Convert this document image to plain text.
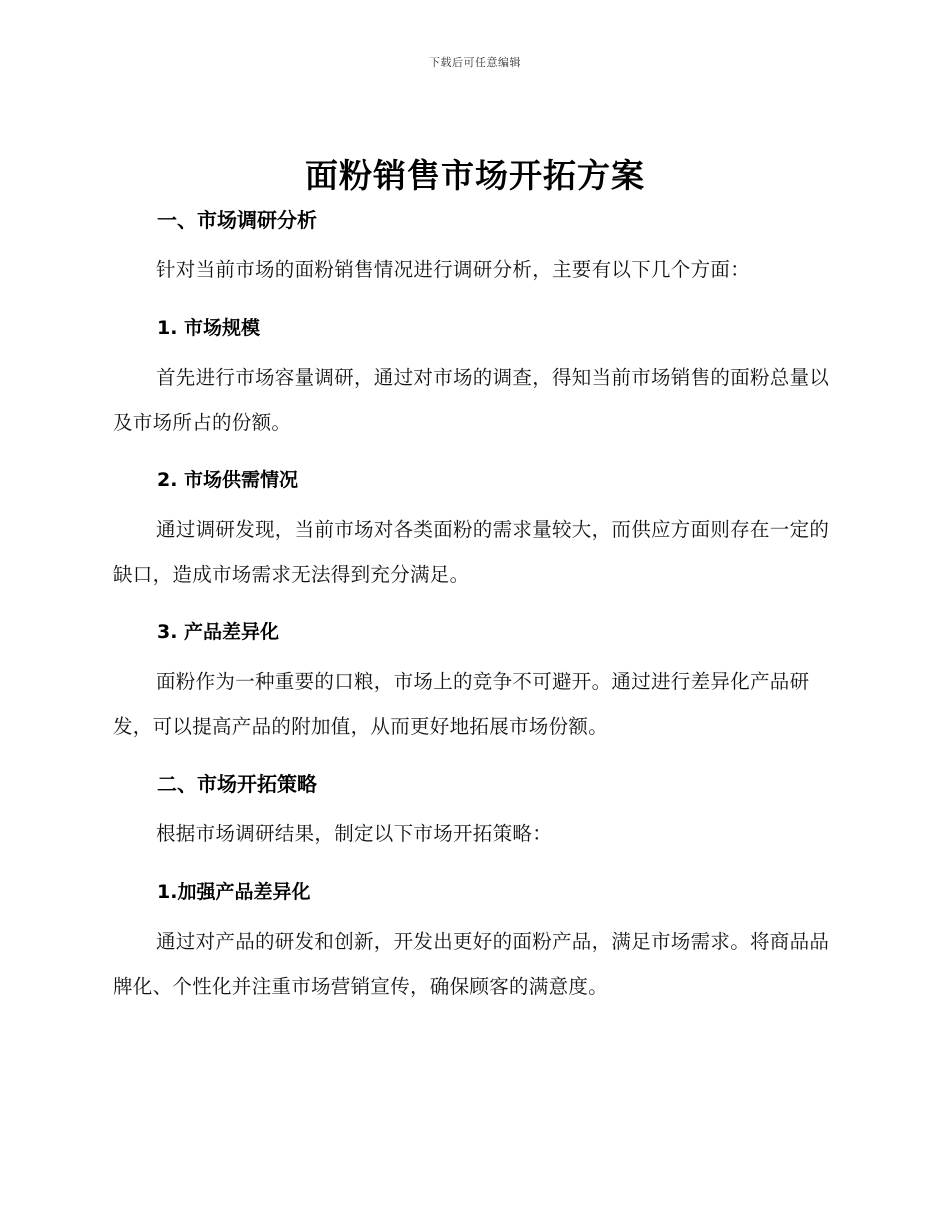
下载后可任意编辑
面粉销售市场开拓方案
一、市场调研分析

针对当前市场的面粉销售情况进行调研分析，主要有以下几个方面：

1. 市场规模

首先进行市场容量调研，通过对市场的调查，得知当前市场销售的面粉总量以及市场所占的份额。

2. 市场供需情况

通过调研发现，当前市场对各类面粉的需求量较大，而供应方面则存在一定的缺口，造成市场需求无法得到充分满足。

3. 产品差异化

面粉作为一种重要的口粮，市场上的竞争不可避开。通过进行差异化产品研发，可以提高产品的附加值，从而更好地拓展市场份额。

二、市场开拓策略

根据市场调研结果，制定以下市场开拓策略：

1.加强产品差异化

通过对产品的研发和创新，开发出更好的面粉产品，满足市场需求。将商品品牌化、个性化并注重市场营销宣传，确保顾客的满意度。
